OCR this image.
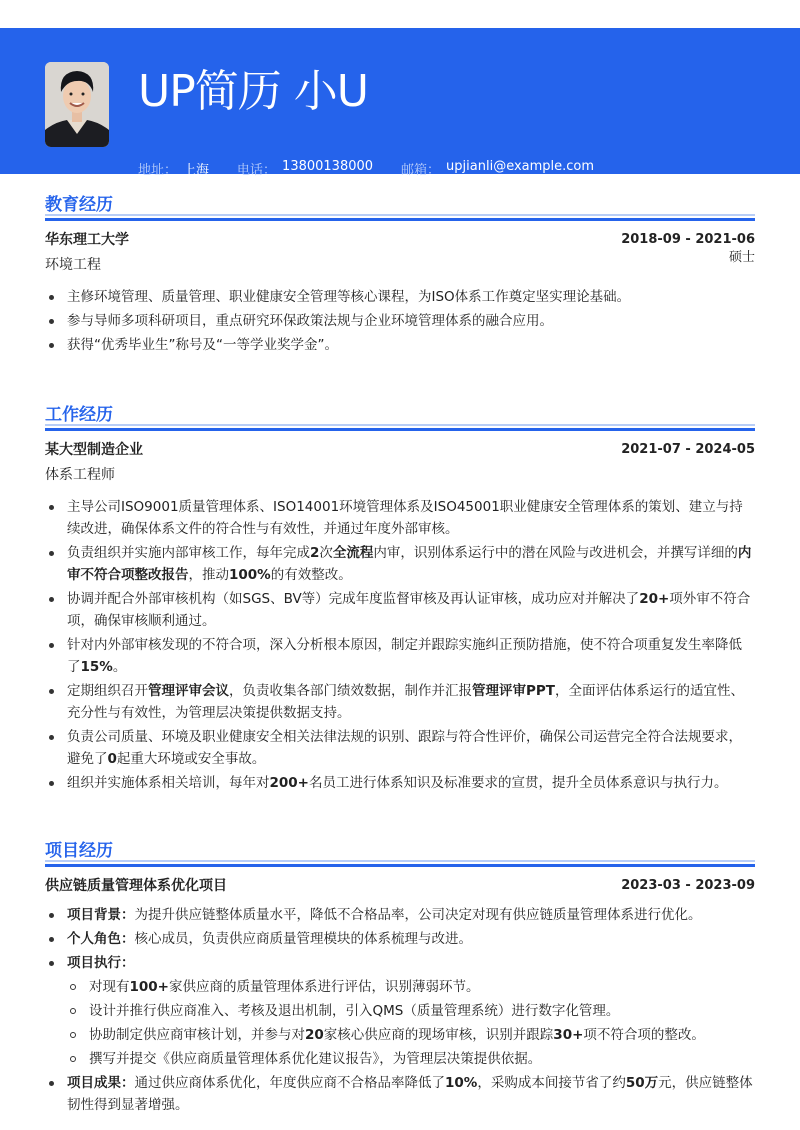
UP简历 小U
地址： 上海 电话： 13800138000 邮箱： upjianli@example.com
教育经历
华东理工大学	2018-09 - 2021-06
环境工程	硕士
主修环境管理、质量管理、职业健康安全管理等核心课程，为ISO体系工作奠定坚实理论基础。
参与导师多项科研项目，重点研究环保政策法规与企业环境管理体系的融合应用。
获得“优秀毕业生”称号及“一等学业奖学金”。
工作经历
某大型制造企业	2021-07 - 2024-05
体系工程师
主导公司ISO9001质量管理体系、ISO14001环境管理体系及ISO45001职业健康安全管理体系的策划、建立与持续改进，确保体系文件的符合性与有效性，并通过年度外部审核。
负责组织并实施内部审核工作，每年完成2次全流程内审，识别体系运行中的潜在风险与改进机会，并撰写详细的内审不符合项整改报告，推动100%的有效整改。
协调并配合外部审核机构（如SGS、BV等）完成年度监督审核及再认证审核，成功应对并解决了20+项外审不符合项，确保审核顺利通过。
针对内外部审核发现的不符合项，深入分析根本原因，制定并跟踪实施纠正预防措施，使不符合项重复发生率降低了15%。
定期组织召开管理评审会议，负责收集各部门绩效数据，制作并汇报管理评审PPT，全面评估体系运行的适宜性、充分性与有效性，为管理层决策提供数据支持。
负责公司质量、环境及职业健康安全相关法律法规的识别、跟踪与符合性评价，确保公司运营完全符合法规要求，避免了0起重大环境或安全事故。
组织并实施体系相关培训，每年对200+名员工进行体系知识及标准要求的宣贯，提升全员体系意识与执行力。
项目经历
供应链质量管理体系优化项目	2023-03 - 2023-09
项目背景：为提升供应链整体质量水平，降低不合格品率，公司决定对现有供应链质量管理体系进行优化。
个人角色：核心成员，负责供应商质量管理模块的体系梳理与改进。
项目执行：
对现有100+家供应商的质量管理体系进行评估，识别薄弱环节。
设计并推行供应商准入、考核及退出机制，引入QMS（质量管理系统）进行数字化管理。
协助制定供应商审核计划，并参与对20家核心供应商的现场审核，识别并跟踪30+项不符合项的整改。
撰写并提交《供应商质量管理体系优化建议报告》，为管理层决策提供依据。
项目成果：通过供应商体系优化，年度供应商不合格品率降低了10%，采购成本间接节省了约50万元，供应链整体韧性得到显著增强。
